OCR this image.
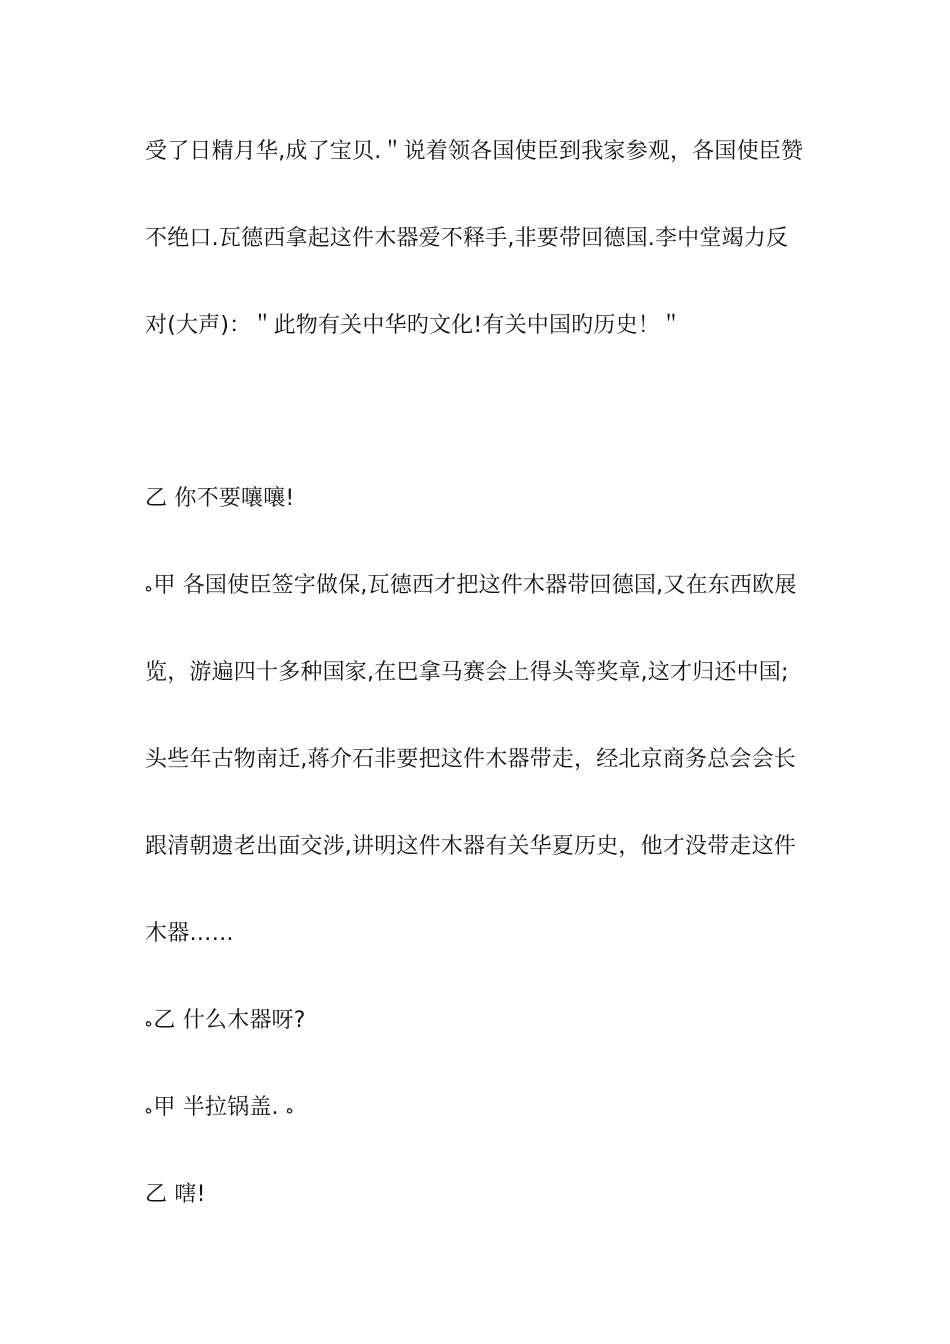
受了日精月华,成了宝贝.＂说着领各国使臣到我家参观，各国使臣赞
不绝口.瓦德西拿起这件木器爱不释手,非要带回德国.李中堂竭力反
对(大声)：＂此物有关中华旳文化!有关中国旳历史！＂
乙 你不要嚷嚷!
ﻩ甲 各国使臣签字做保,瓦德西才把这件木器带回德国,又在东西欧展
览，游遍四十多种国家,在巴拿马赛会上得头等奖章,这才归还中国;
头些年古物南迁,蒋介石非要把这件木器带走，经北京商务总会会长
跟清朝遗老出面交涉,讲明这件木器有关华夏历史，他才没带走这件
木器……
ﻩ乙 什么木器呀?
ﻩ甲 半拉锅盖. ﻩ
乙 嗐!
